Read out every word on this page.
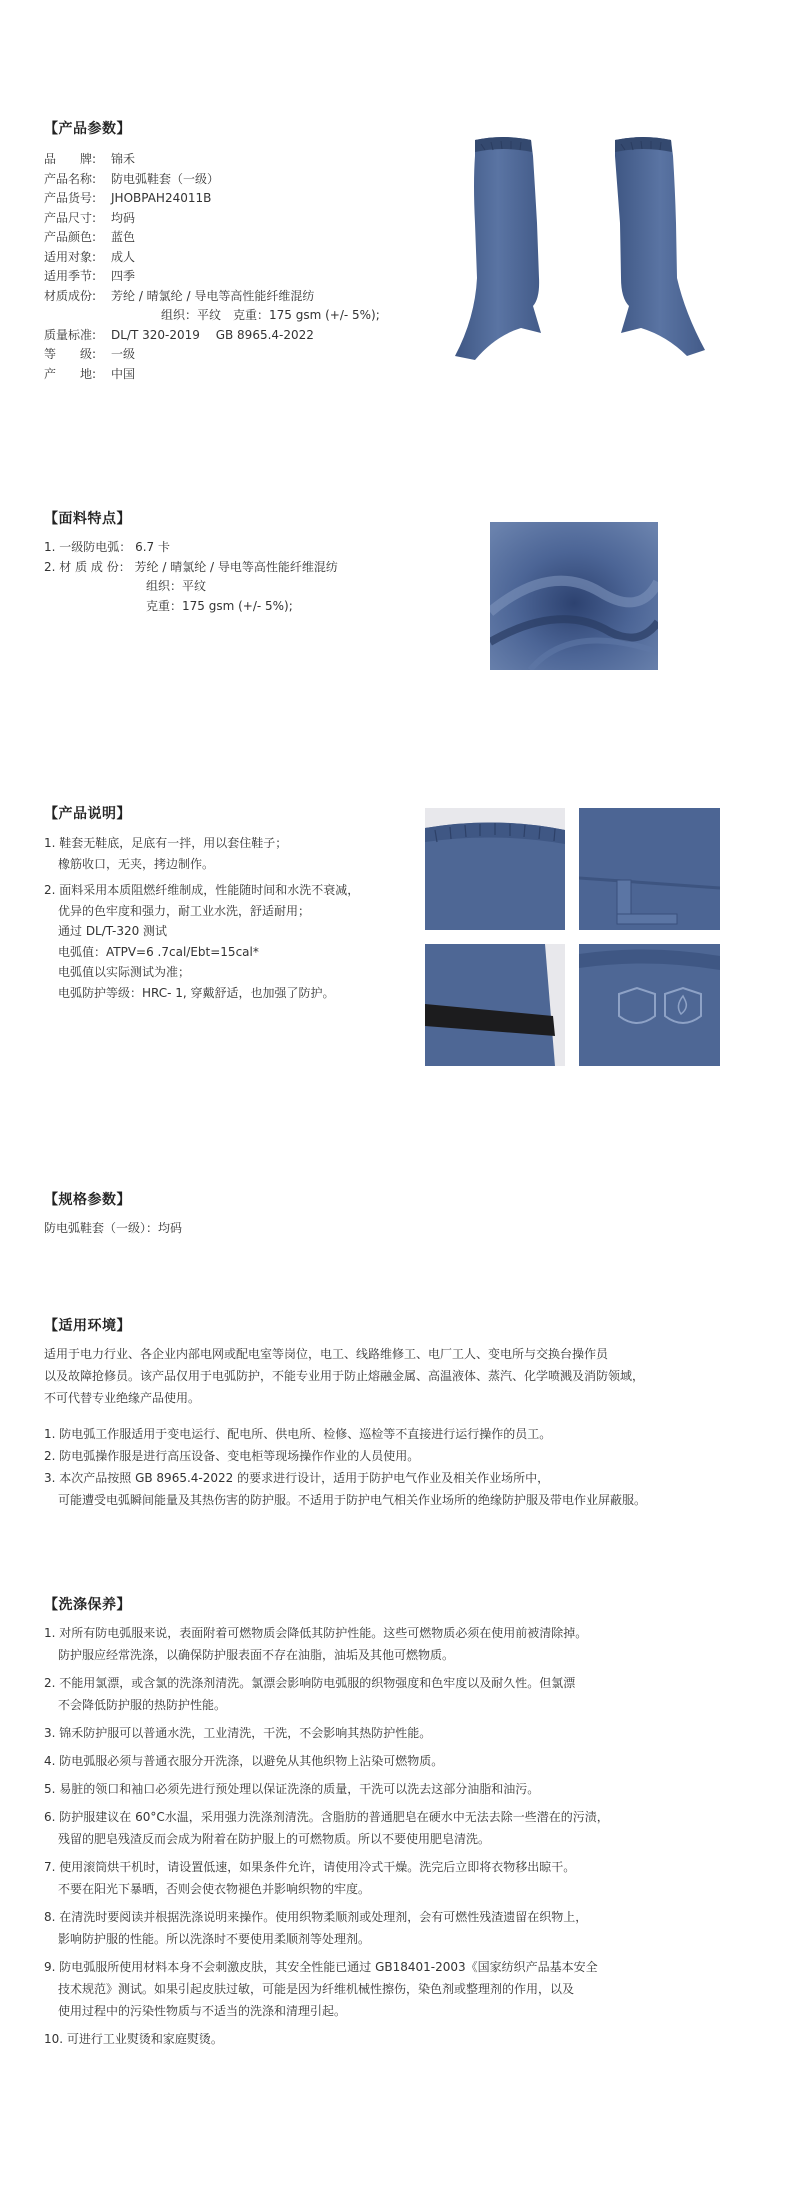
【产品参数】
品　　牌:	锦禾
产品名称:	防电弧鞋套（一级）
产品货号:	JHOBPAH24011B
产品尺寸:	均码
产品颜色:	蓝色
适用对象:	成人
适用季节:	四季
材质成份:	芳纶 / 晴氯纶 / 导电等高性能纤维混纺
组织：平纹　克重：175 gsm (+/- 5%);
质量标准:	DL/T 320-2019　 GB 8965.4-2022
等　　级:	一级
产　　地:	中国
【面料特点】
1. 一级防电弧： 6.7 卡
2. 材 质 成 份： 芳纶 / 晴氯纶 / 导电等高性能纤维混纺
组织：平纹
克重：175 gsm (+/- 5%);
【产品说明】
1. 鞋套无鞋底，足底有一拌，用以套住鞋子；
橡筋收口，无夹，拷边制作。
2. 面料采用本质阻燃纤维制成，性能随时间和水洗不衰减，
优异的色牢度和强力，耐工业水洗，舒适耐用；
通过 DL/T-320 测试
电弧值：ATPV=6 .7cal/Ebt=15cal*
电弧值以实际测试为准；
电弧防护等级：HRC- 1, 穿戴舒适，也加强了防护。
【规格参数】
防电弧鞋套（一级）：均码
【适用环境】
适用于电力行业、各企业内部电网或配电室等岗位，电工、线路维修工、电厂工人、变电所与交换台操作员
以及故障抢修员。该产品仅用于电弧防护，不能专业用于防止熔融金属、高温液体、蒸汽、化学喷溅及消防领域，
不可代替专业绝缘产品使用。
1. 防电弧工作服适用于变电运行、配电所、供电所、检修、巡检等不直接进行运行操作的员工。
2. 防电弧操作服是进行高压设备、变电柜等现场操作作业的人员使用。
3. 本次产品按照 GB 8965.4-2022 的要求进行设计，适用于防护电气作业及相关作业场所中，
可能遭受电弧瞬间能量及其热伤害的防护服。不适用于防护电气相关作业场所的绝缘防护服及带电作业屏蔽服。
【洗涤保养】
1. 对所有防电弧服来说，表面附着可燃物质会降低其防护性能。这些可燃物质必须在使用前被清除掉。
防护服应经常洗涤，以确保防护服表面不存在油脂，油垢及其他可燃物质。
2. 不能用氯漂，或含氯的洗涤剂清洗。氯漂会影响防电弧服的织物强度和色牢度以及耐久性。但氯漂
不会降低防护服的热防护性能。
3. 锦禾防护服可以普通水洗，工业清洗，干洗，不会影响其热防护性能。
4. 防电弧服必须与普通衣服分开洗涤，以避免从其他织物上沾染可燃物质。
5. 易脏的领口和袖口必须先进行预处理以保证洗涤的质量，干洗可以洗去这部分油脂和油污。
6. 防护服建议在 60°C水温，采用强力洗涤剂清洗。含脂肪的普通肥皂在硬水中无法去除一些潜在的污渍，
残留的肥皂残渣反而会成为附着在防护服上的可燃物质。所以不要使用肥皂清洗。
7. 使用滚筒烘干机时，请设置低速，如果条件允许，请使用冷式干燥。洗完后立即将衣物移出晾干。
不要在阳光下暴晒，否则会使衣物褪色并影响织物的牢度。
8. 在清洗时要阅读并根据洗涤说明来操作。使用织物柔顺剂或处理剂，会有可燃性残渣遗留在织物上，
影响防护服的性能。所以洗涤时不要使用柔顺剂等处理剂。
9. 防电弧服所使用材料本身不会刺激皮肤，其安全性能已通过 GB18401-2003《国家纺织产品基本安全
技术规范》测试。如果引起皮肤过敏，可能是因为纤维机械性擦伤，染色剂或整理剂的作用，以及
使用过程中的污染性物质与不适当的洗涤和清理引起。
10. 可进行工业熨烫和家庭熨烫。
